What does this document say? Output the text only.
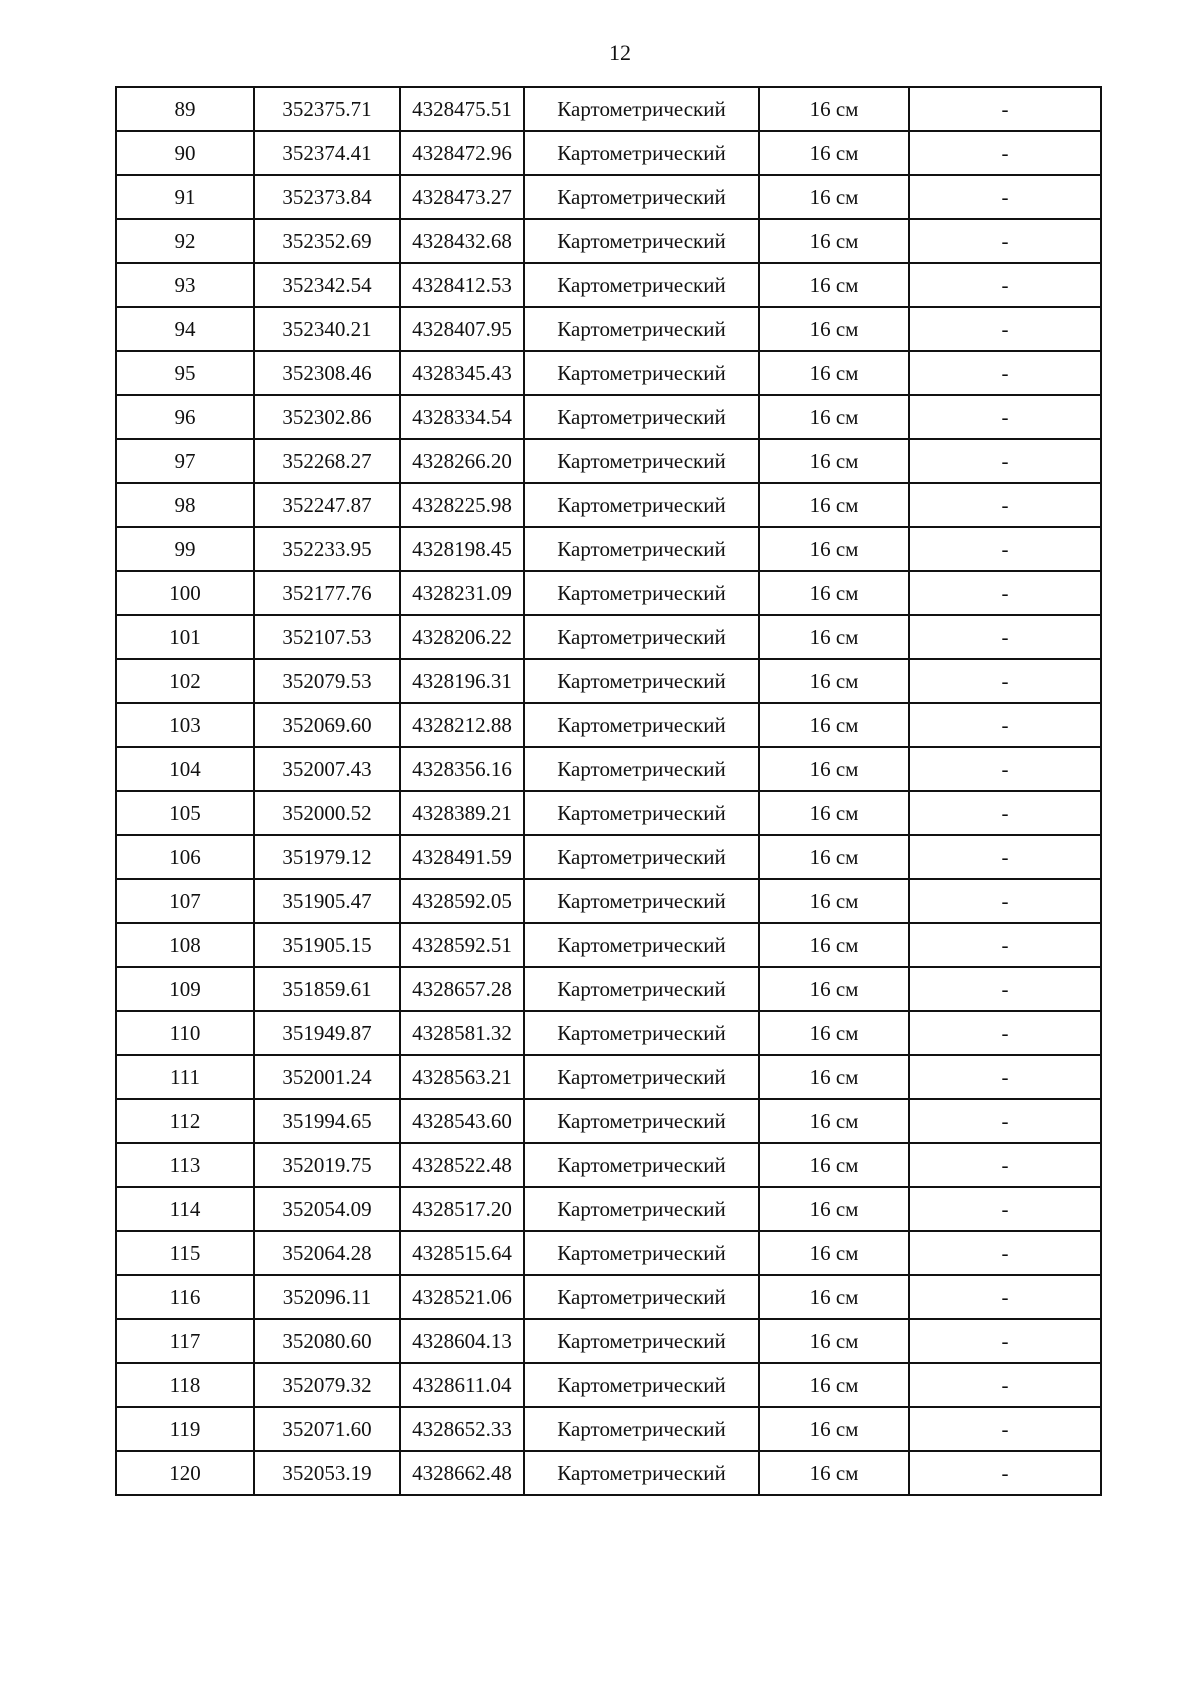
12
89	352375.71	4328475.51	Картометрический	16 см	-
90	352374.41	4328472.96	Картометрический	16 см	-
91	352373.84	4328473.27	Картометрический	16 см	-
92	352352.69	4328432.68	Картометрический	16 см	-
93	352342.54	4328412.53	Картометрический	16 см	-
94	352340.21	4328407.95	Картометрический	16 см	-
95	352308.46	4328345.43	Картометрический	16 см	-
96	352302.86	4328334.54	Картометрический	16 см	-
97	352268.27	4328266.20	Картометрический	16 см	-
98	352247.87	4328225.98	Картометрический	16 см	-
99	352233.95	4328198.45	Картометрический	16 см	-
100	352177.76	4328231.09	Картометрический	16 см	-
101	352107.53	4328206.22	Картометрический	16 см	-
102	352079.53	4328196.31	Картометрический	16 см	-
103	352069.60	4328212.88	Картометрический	16 см	-
104	352007.43	4328356.16	Картометрический	16 см	-
105	352000.52	4328389.21	Картометрический	16 см	-
106	351979.12	4328491.59	Картометрический	16 см	-
107	351905.47	4328592.05	Картометрический	16 см	-
108	351905.15	4328592.51	Картометрический	16 см	-
109	351859.61	4328657.28	Картометрический	16 см	-
110	351949.87	4328581.32	Картометрический	16 см	-
111	352001.24	4328563.21	Картометрический	16 см	-
112	351994.65	4328543.60	Картометрический	16 см	-
113	352019.75	4328522.48	Картометрический	16 см	-
114	352054.09	4328517.20	Картометрический	16 см	-
115	352064.28	4328515.64	Картометрический	16 см	-
116	352096.11	4328521.06	Картометрический	16 см	-
117	352080.60	4328604.13	Картометрический	16 см	-
118	352079.32	4328611.04	Картометрический	16 см	-
119	352071.60	4328652.33	Картометрический	16 см	-
120	352053.19	4328662.48	Картометрический	16 см	-
